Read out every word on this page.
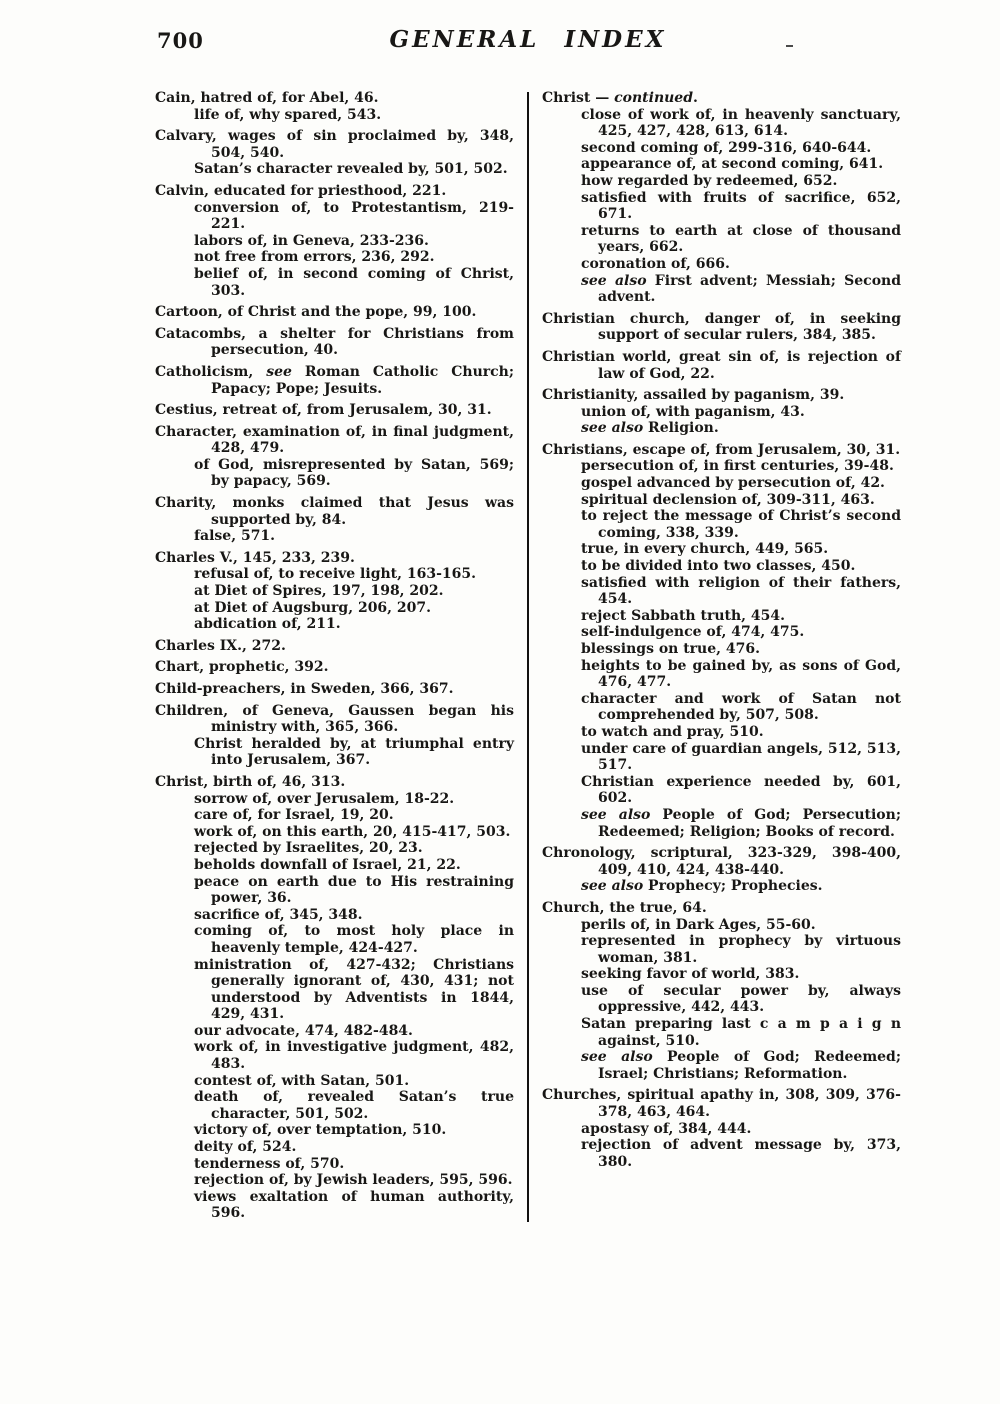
700	GENERAL INDEX

Cain, hatred of, for Abel, 46.

life of, why spared, 543.

Calvary, wages of sin proclaimed by, 348, 504, 540.

Satan’s character revealed by, 501, 502.

Calvin, educated for priesthood, 221.

conversion of, to Protestantism, 219-221.

labors of, in Geneva, 233-236.

not free from errors, 236, 292.

belief of, in second coming of Christ, 303.

Cartoon, of Christ and the pope, 99, 100.

Catacombs, a shelter for Christians from persecution, 40.

Catholicism, see Roman Catholic Church; Papacy; Pope; Jesuits.

Cestius, retreat of, from Jerusalem, 30, 31.

Character, examination of, in final judgment, 428, 479.

of God, misrepresented by Satan, 569; by papacy, 569.

Charity, monks claimed that Jesus was supported by, 84.

false, 571.

Charles V., 145, 233, 239.

refusal of, to receive light, 163-165.

at Diet of Spires, 197, 198, 202.

at Diet of Augsburg, 206, 207.

abdication of, 211.

Charles IX., 272.

Chart, prophetic, 392.

Child-preachers, in Sweden, 366, 367.

Children, of Geneva, Gaussen began his ministry with, 365, 366.

Christ heralded by, at triumphal entry into Jerusalem, 367.

Christ, birth of, 46, 313.

sorrow of, over Jerusalem, 18-22.

care of, for Israel, 19, 20.

work of, on this earth, 20, 415-417, 503.

rejected by Israelites, 20, 23.

beholds downfall of Israel, 21, 22.

peace on earth due to His restraining power, 36.

sacrifice of, 345, 348.

coming of, to most holy place in heavenly temple, 424-427.

ministration of, 427-432; Christians generally ignorant of, 430, 431; not understood by Adventists in 1844, 429, 431.

our advocate, 474, 482-484.

work of, in investigative judgment, 482, 483.

contest of, with Satan, 501.

death of, revealed Satan’s true character, 501, 502.

victory of, over temptation, 510.

deity of, 524.

tenderness of, 570.

rejection of, by Jewish leaders, 595, 596.

views exaltation of human authority, 596.

Christ — continued.

close of work of, in heavenly sanctuary, 425, 427, 428, 613, 614.

second coming of, 299-316, 640-644.

appearance of, at second coming, 641.

how regarded by redeemed, 652.

satisfied with fruits of sacrifice, 652, 671.

returns to earth at close of thousand years, 662.

coronation of, 666.

see also First advent; Messiah; Second advent.

Christian church, danger of, in seeking support of secular rulers, 384, 385.

Christian world, great sin of, is rejection of law of God, 22.

Christianity, assailed by paganism, 39.

union of, with paganism, 43.

see also Religion.

Christians, escape of, from Jerusalem, 30, 31.

persecution of, in first centuries, 39-48.

gospel advanced by persecution of, 42.

spiritual declension of, 309-311, 463.

to reject the message of Christ’s second coming, 338, 339.

true, in every church, 449, 565.

to be divided into two classes, 450.

satisfied with religion of their fathers, 454.

reject Sabbath truth, 454.

self-indulgence of, 474, 475.

blessings on true, 476.

heights to be gained by, as sons of God, 476, 477.

character and work of Satan not comprehended by, 507, 508.

to watch and pray, 510.

under care of guardian angels, 512, 513, 517.

Christian experience needed by, 601, 602.

see also People of God; Persecution; Redeemed; Religion; Books of record.

Chronology, scriptural, 323-329, 398-400, 409, 410, 424, 438-440.

see also Prophecy; Prophecies.

Church, the true, 64.

perils of, in Dark Ages, 55-60.

represented in prophecy by virtuous woman, 381.

seeking favor of world, 383.

use of secular power by, always oppressive, 442, 443.

Satan preparing last c a m p a i g n against, 510.

see also People of God; Redeemed; Israel; Christians; Reformation.

Churches, spiritual apathy in, 308, 309, 376-378, 463, 464.

apostasy of, 384, 444.

rejection of advent message by, 373, 380.
